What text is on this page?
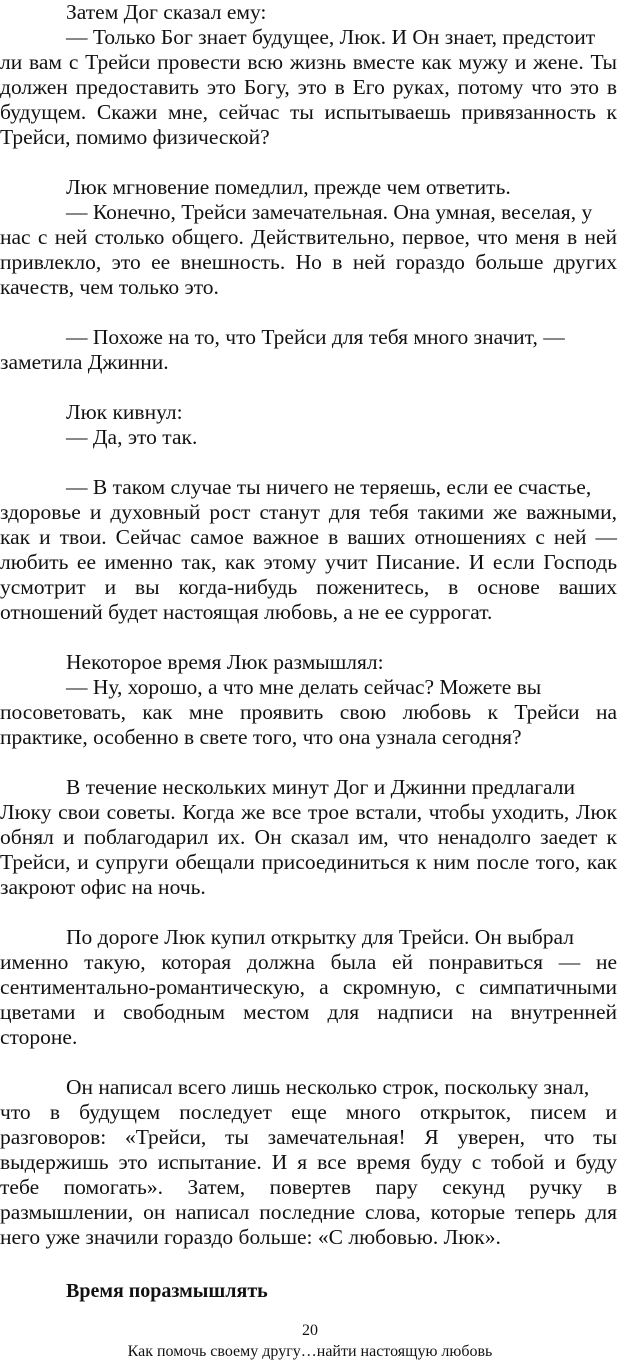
Затем Дог сказал ему:
— Только Бог знает будущее, Люк. И Он знает, предстоит
ли вам с Трейси провести всю жизнь вместе как мужу и жене. Ты
должен предоставить это Богу, это в Его руках, потому что это в
будущем. Скажи мне, сейчас ты испытываешь привязанность к
Трейси, помимо физической?
Люк мгновение помедлил, прежде чем ответить.
— Конечно, Трейси замечательная. Она умная, веселая, у
нас с ней столько общего. Действительно, первое, что меня в ней
привлекло, это ее внешность. Но в ней гораздо больше других
качеств, чем только это.
— Похоже на то, что Трейси для тебя много значит, —
заметила Джинни.
Люк кивнул:
— Да, это так.
— В таком случае ты ничего не теряешь, если ее счастье,
здоровье и духовный рост станут для тебя такими же важными,
как и твои. Сейчас самое важное в ваших отношениях с ней —
любить ее именно так, как этому учит Писание. И если Господь
усмотрит и вы когда-нибудь поженитесь, в основе ваших
отношений будет настоящая любовь, а не ее суррогат.
Некоторое время Люк размышлял:
— Ну, хорошо, а что мне делать сейчас? Можете вы
посоветовать, как мне проявить свою любовь к Трейси на
практике, особенно в свете того, что она узнала сегодня?
В течение нескольких минут Дог и Джинни предлагали
Люку свои советы. Когда же все трое встали, чтобы уходить, Люк
обнял и поблагодарил их. Он сказал им, что ненадолго заедет к
Трейси, и супруги обещали присоединиться к ним после того, как
закроют офис на ночь.
По дороге Люк купил открытку для Трейси. Он выбрал
именно такую, которая должна была ей понравиться — не
сентиментально-романтическую, а скромную, с симпатичными
цветами и свободным местом для надписи на внутренней
стороне.
Он написал всего лишь несколько строк, поскольку знал,
что в будущем последует еще много открыток, писем и
разговоров: «Трейси, ты замечательная! Я уверен, что ты
выдержишь это испытание. И я все время буду с тобой и буду
тебе помогать». Затем, повертев пару секунд ручку в
размышлении, он написал последние слова, которые теперь для
него уже значили гораздо больше: «С любовью. Люк».
Время поразмышлять
20
Как помочь своему другу…найти настоящую любовь
